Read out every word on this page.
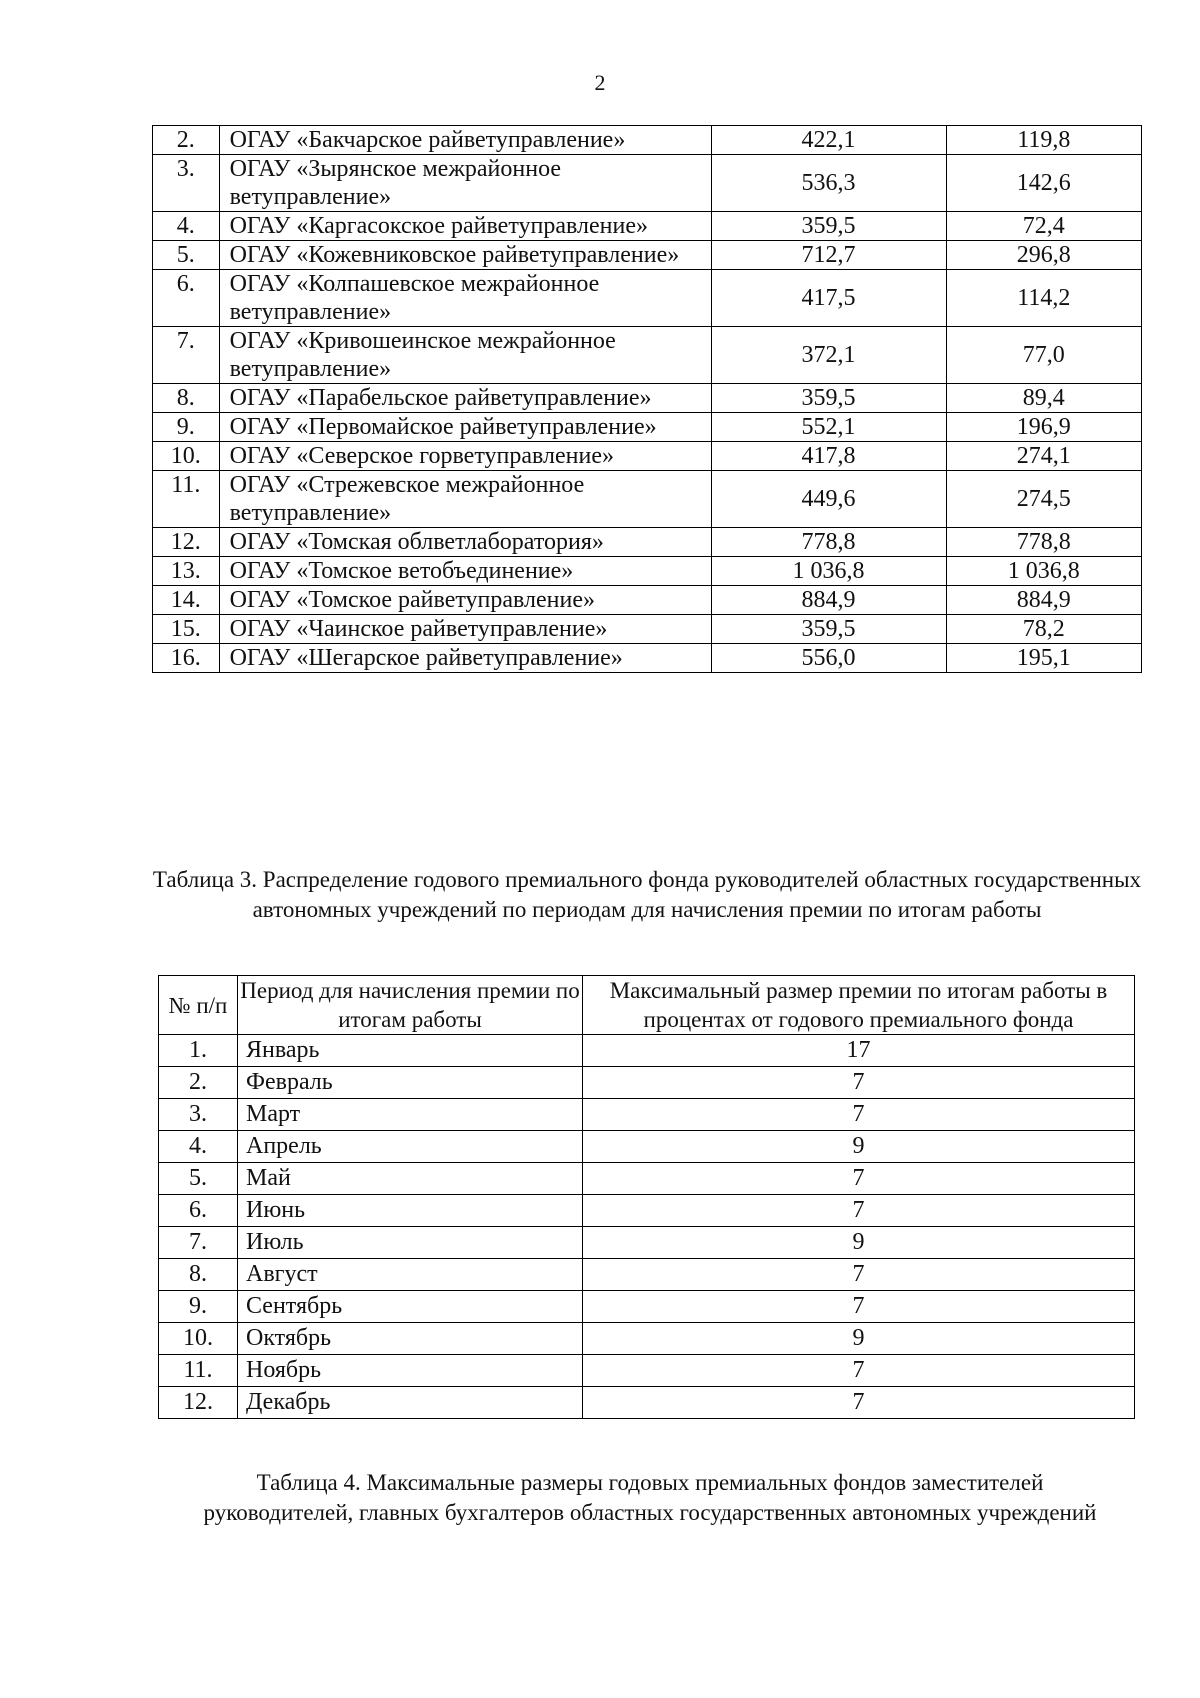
2
2.	ОГАУ «Бакчарское райветуправление»	422,1	119,8
3.	ОГАУ «Зырянское межрайонное ветуправление»	536,3	142,6
4.	ОГАУ «Каргасокское райветуправление»	359,5	72,4
5.	ОГАУ «Кожевниковское райветуправление»	712,7	296,8
6.	ОГАУ «Колпашевское межрайонное ветуправление»	417,5	114,2
7.	ОГАУ «Кривошеинское межрайонное ветуправление»	372,1	77,0
8.	ОГАУ «Парабельское райветуправление»	359,5	89,4
9.	ОГАУ «Первомайское райветуправление»	552,1	196,9
10.	ОГАУ «Северское горветуправление»	417,8	274,1
11.	ОГАУ «Стрежевское межрайонное ветуправление»	449,6	274,5
12.	ОГАУ «Томская облветлаборатория»	778,8	778,8
13.	ОГАУ «Томское ветобъединение»	1 036,8	1 036,8
14.	ОГАУ «Томское райветуправление»	884,9	884,9
15.	ОГАУ «Чаинское райветуправление»	359,5	78,2
16.	ОГАУ «Шегарское райветуправление»	556,0	195,1
Таблица 3. Распределение годового премиального фонда руководителей областных государственных автономных учреждений по периодам для начисления премии по итогам работы
№ п/п	Период для начисления премии по итогам работы	Максимальный размер премии по итогам работы в процентах от годового премиального фонда
1.	Январь	17
2.	Февраль	7
3.	Март	7
4.	Апрель	9
5.	Май	7
6.	Июнь	7
7.	Июль	9
8.	Август	7
9.	Сентябрь	7
10.	Октябрь	9
11.	Ноябрь	7
12.	Декабрь	7
Таблица 4. Максимальные размеры годовых премиальных фондов заместителей руководителей, главных бухгалтеров областных государственных автономных учреждений
